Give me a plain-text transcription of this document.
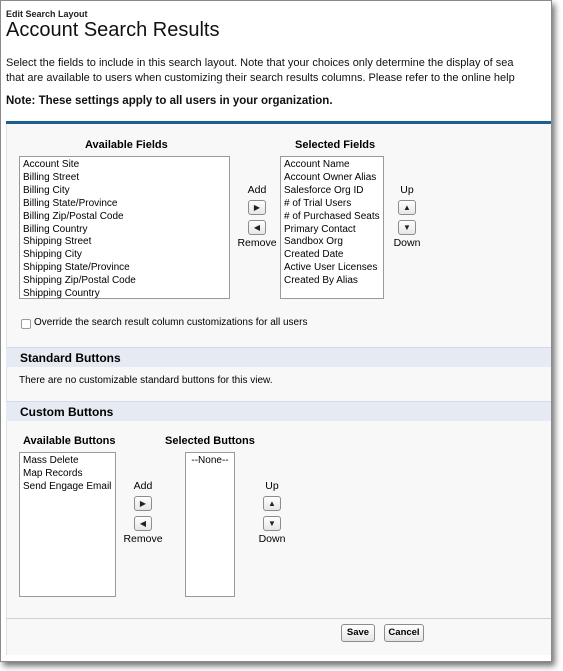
Edit Search Layout
Account Search Results
Select the fields to include in this search layout. Note that your choices only determine the display of sea
that are available to users when customizing their search results columns. Please refer to the online help
Note: These settings apply to all users in your organization.
Available Fields	Selected Fields
Account Site
Billing Street
Billing City
Billing State/Province
Billing Zip/Postal Code
Billing Country
Shipping Street
Shipping City
Shipping State/Province
Shipping Zip/Postal Code
Shipping Country
Add
▶
◀
Remove
Account Name
Account Owner Alias
Salesforce Org ID
# of Trial Users
# of Purchased Seats
Primary Contact
Sandbox Org
Created Date
Active User Licenses
Created By Alias
Up
▲
▼
Down
Override the search result column customizations for all users
Standard Buttons
There are no customizable standard buttons for this view.
Custom Buttons
Available Buttons	Selected Buttons
Mass Delete
Map Records
Send Engage Email	Add
▶
◀
Remove
--None--
Up
▲
▼
Down
Save	Cancel
